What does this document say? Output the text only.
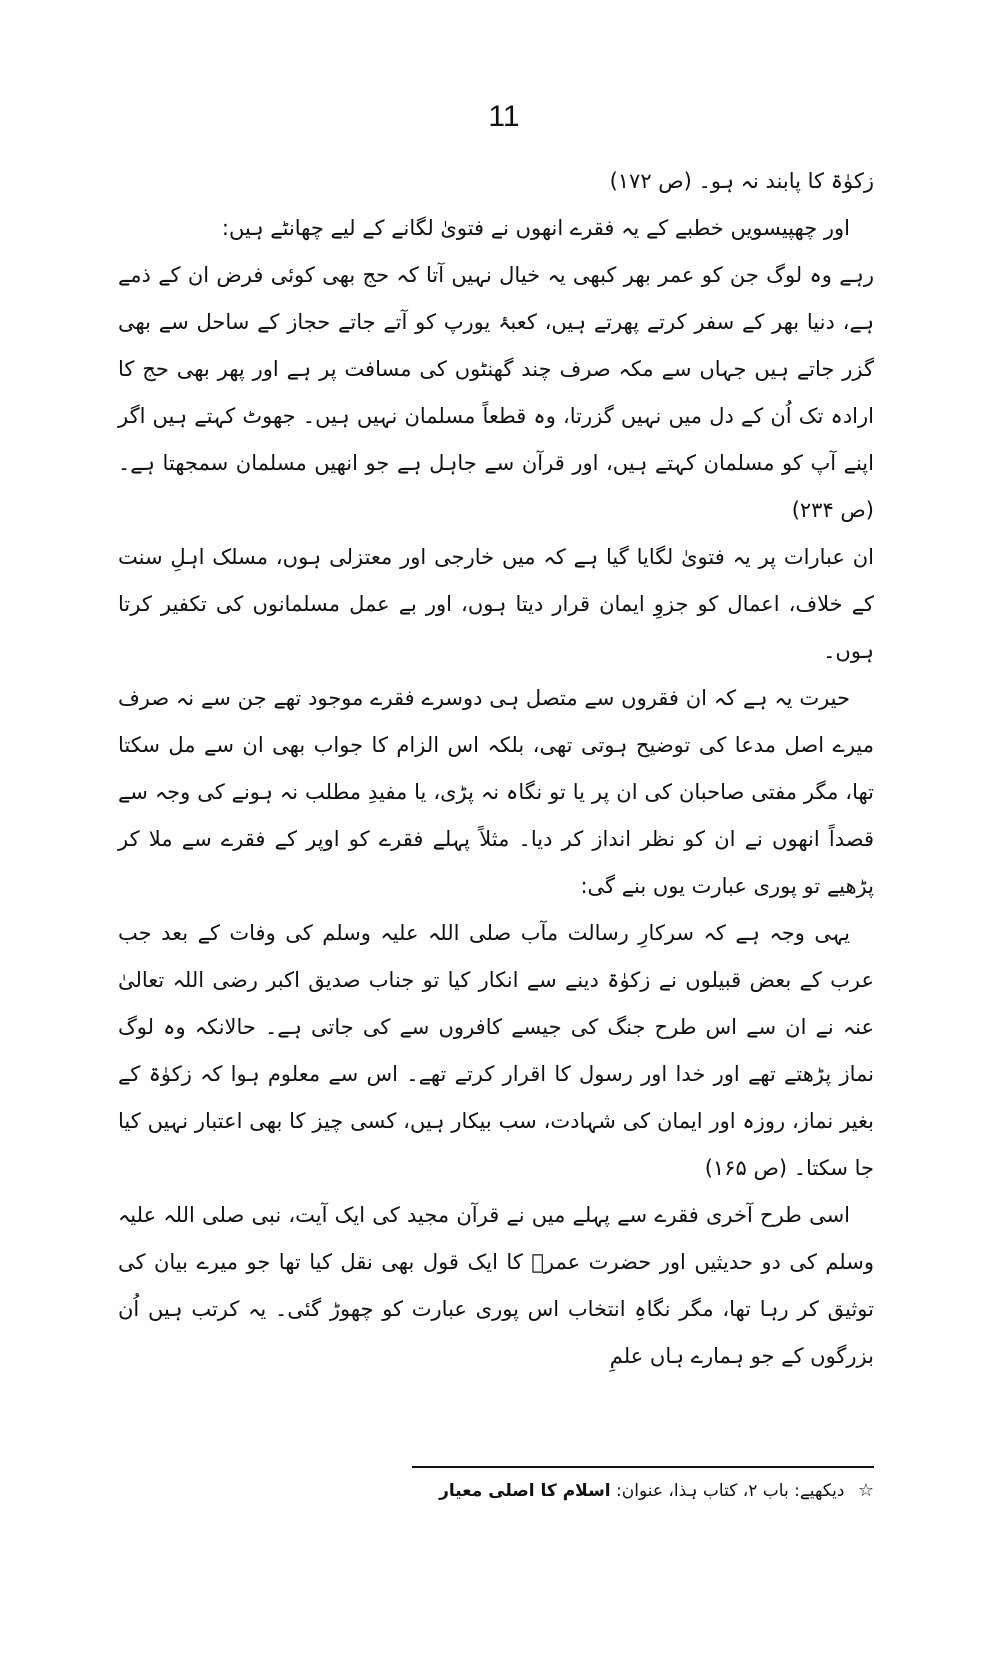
11

زکوٰۃ کا پابند نہ ہو۔ (ص ۱۷۲)

اور چھپیسویں خطبے کے یہ فقرے انھوں نے فتویٰ لگانے کے لیے چھانٹے ہیں:

رہے وہ لوگ جن کو عمر بھر کبھی یہ خیال نہیں آتا کہ حج بھی کوئی فرض ان کے ذمے ہے، دنیا بھر کے سفر کرتے پھرتے ہیں، کعبۂ یورپ کو آتے جاتے حجاز کے ساحل سے بھی گزر جاتے ہیں جہاں سے مکہ صرف چند گھنٹوں کی مسافت پر ہے اور پھر بھی حج کا ارادہ تک اُن کے دل میں نہیں گزرتا، وہ قطعاً مسلمان نہیں ہیں۔ جھوٹ کہتے ہیں اگر اپنے آپ کو مسلمان کہتے ہیں، اور قرآن سے جاہل ہے جو انھیں مسلمان سمجھتا ہے۔ (ص ۲۳۴)

ان عبارات پر یہ فتویٰ لگایا گیا ہے کہ میں خارجی اور معتزلی ہوں، مسلک اہلِ سنت کے خلاف، اعمال کو جزوِ ایمان قرار دیتا ہوں، اور بے عمل مسلمانوں کی تکفیر کرتا ہوں۔

حیرت یہ ہے کہ ان فقروں سے متصل ہی دوسرے فقرے موجود تھے جن سے نہ صرف میرے اصل مدعا کی توضیح ہوتی تھی، بلکہ اس الزام کا جواب بھی ان سے مل سکتا تھا، مگر مفتی صاحبان کی ان پر یا تو نگاہ نہ پڑی، یا مفیدِ مطلب نہ ہونے کی وجہ سے قصداً انھوں نے ان کو نظر انداز کر دیا۔ مثلاً پہلے فقرے کو اوپر کے فقرے سے ملا کر پڑھیے تو پوری عبارت یوں بنے گی:

یہی وجہ ہے کہ سرکارِ رسالت مآب صلی اللہ علیہ وسلم کی وفات کے بعد جب عرب کے بعض قبیلوں نے زکوٰۃ دینے سے انکار کیا تو جناب صدیق اکبر رضی اللہ تعالیٰ عنہ نے ان سے اس طرح جنگ کی جیسے کافروں سے کی جاتی ہے۔ حالانکہ وہ لوگ نماز پڑھتے تھے اور خدا اور رسول کا اقرار کرتے تھے۔ اس سے معلوم ہوا کہ زکوٰۃ کے بغیر نماز، روزہ اور ایمان کی شہادت، سب بیکار ہیں، کسی چیز کا بھی اعتبار نہیں کیا جا سکتا۔ (ص ۱۶۵)

اسی طرح آخری فقرے سے پہلے میں نے قرآن مجید کی ایک آیت، نبی صلی اللہ علیہ وسلم کی دو حدیثیں اور حضرت عمرؓ کا ایک قول بھی نقل کیا تھا جو میرے بیان کی توثیق کر رہا تھا، مگر نگاہِ انتخاب اس پوری عبارت کو چھوڑ گئی۔ یہ کرتب ہیں اُن بزرگوں کے جو ہمارے ہاں علمِ

☆ دیکھیے: باب ۲، کتاب ہذا، عنوان: اسلام کا اصلی معیار
